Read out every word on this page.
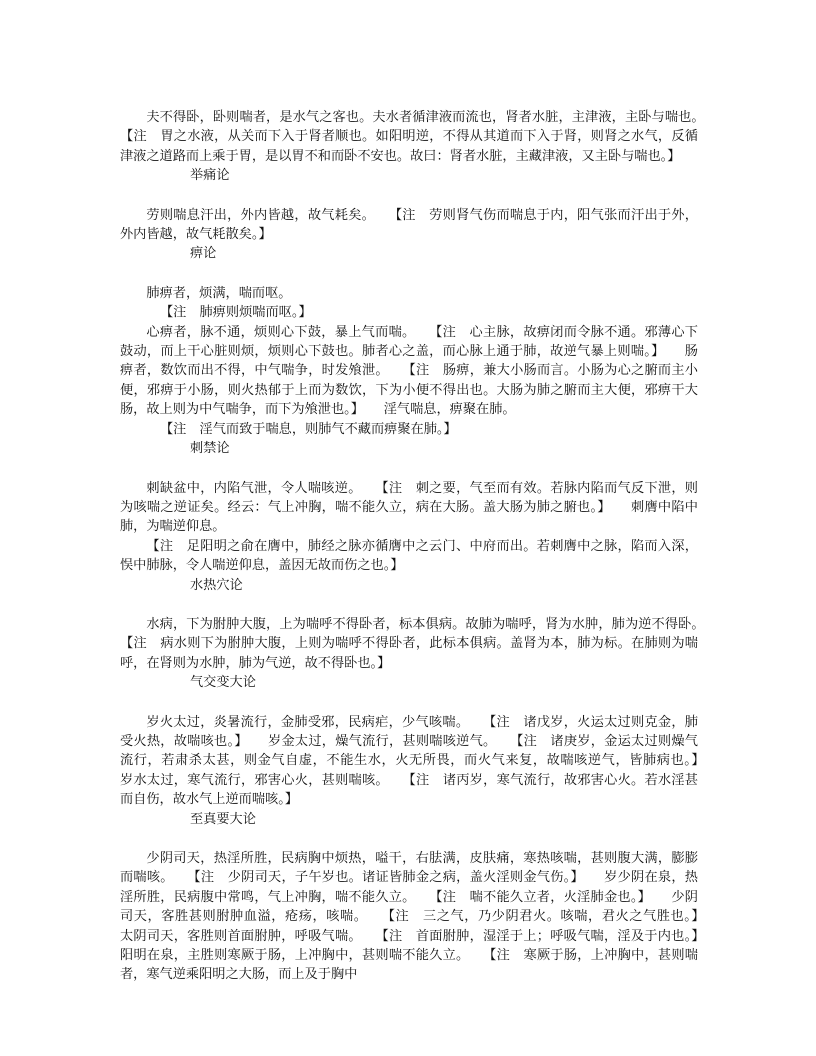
夫不得卧，卧则喘者，是水气之客也。夫水者循津液而流也，肾者水脏，主津液，主卧与喘也。　　【注　胃之水液，从关而下入于肾者顺也。如阳明逆，不得从其道而下入于肾，则肾之水气，反循津液之道路而上乘于胃，是以胃不和而卧不安也。故曰：肾者水脏，主藏津液，又主卧与喘也。】

举痛论

劳则喘息汗出，外内皆越，故气耗矣。　　【注　劳则肾气伤而喘息于内，阳气张而汗出于外，外内皆越，故气耗散矣。】

痹论

肺痹者，烦满，喘而呕。

【注　肺痹则烦喘而呕。】

心痹者，脉不通，烦则心下鼓，暴上气而喘。　　【注　心主脉，故痹闭而令脉不通。邪薄心下鼓动，而上干心脏则烦，烦则心下鼓也。肺者心之盖，而心脉上通于肺，故逆气暴上则喘。】　　肠痹者，数饮而出不得，中气喘争，时发飧泄。　　【注　肠痹，兼大小肠而言。小肠为心之腑而主小便，邪痹于小肠，则火热郁于上而为数饮，下为小便不得出也。大肠为肺之腑而主大便，邪痹干大肠，故上则为中气喘争，而下为飧泄也。】　　淫气喘息，痹聚在肺。

【注　淫气而致于喘息，则肺气不藏而痹聚在肺。】

刺禁论

刺缺盆中，内陷气泄，令人喘咳逆。　　【注　刺之要，气至而有效。若脉内陷而气反下泄，则为咳喘之逆证矣。经云：气上冲胸，喘不能久立，病在大肠。盖大肠为肺之腑也。】　　刺膺中陷中肺，为喘逆仰息。

【注　足阳明之俞在膺中，肺经之脉亦循膺中之云门、中府而出。若刺膺中之脉，陷而入深，悮中肺脉，令人喘逆仰息，盖因无故而伤之也。】

水热穴论

水病，下为胕肿大腹，上为喘呼不得卧者，标本俱病。故肺为喘呼，肾为水肿，肺为逆不得卧。　　【注　病水则下为胕肿大腹，上则为喘呼不得卧者，此标本俱病。盖肾为本，肺为标。在肺则为喘呼，在肾则为水肿，肺为气逆，故不得卧也。】

气交变大论

岁火太过，炎暑流行，金肺受邪，民病疟，少气咳喘。　　【注　诸戊岁，火运太过则克金，肺受火热，故喘咳也。】　　岁金太过，燥气流行，甚则喘咳逆气。　　【注　诸庚岁，金运太过则燥气流行，若肃杀太甚，则金气自虚，不能生水，火无所畏，而火气来复，故喘咳逆气，皆肺病也。】　　岁水太过，寒气流行，邪害心火，甚则喘咳。　　【注　诸丙岁，寒气流行，故邪害心火。若水淫甚而自伤，故水气上逆而喘咳。】

至真要大论

少阴司天，热淫所胜，民病胸中烦热，嗌干，右胠满，皮肤痛，寒热咳喘，甚则腹大满，膨膨而喘咳。　　【注　少阴司天，子午岁也。诸证皆肺金之病，盖火淫则金气伤。】　　岁少阴在泉，热淫所胜，民病腹中常鸣，气上冲胸，喘不能久立。　　【注　喘不能久立者，火淫肺金也。】　　少阴司天，客胜甚则胕肿血溢，疮疡，咳喘。　　【注　三之气，乃少阴君火。咳喘，君火之气胜也。】　　太阴司天，客胜则首面胕肿，呼吸气喘。　　【注　首面胕肿，湿淫于上；呼吸气喘，淫及于内也。】　　阳明在泉，主胜则寒厥于肠，上冲胸中，甚则喘不能久立。　　【注　寒厥于肠，上冲胸中，甚则喘者，寒气逆乘阳明之大肠，而上及于胸中
